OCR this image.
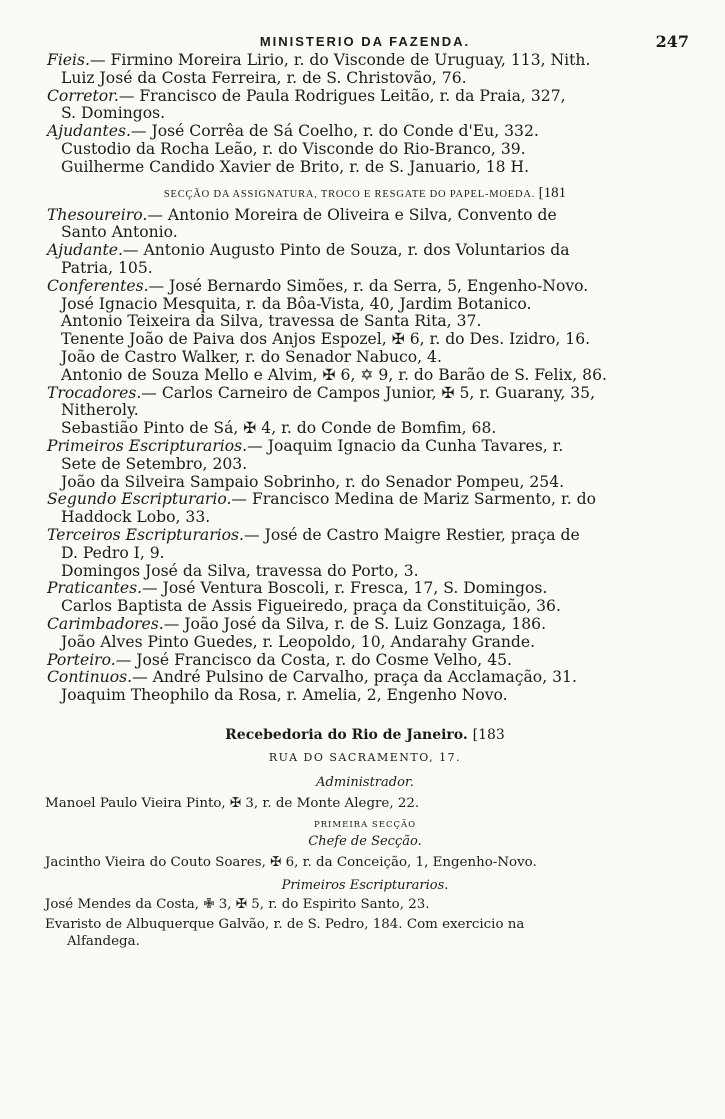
MINISTERIO DA FAZENDA.	247

Fieis.— Firmino Moreira Lirio, r. do Visconde de Uruguay, 113, Nith.

Luiz José da Costa Ferreira, r. de S. Christovão, 76.

Corretor.— Francisco de Paula Rodrigues Leitão, r. da Praia, 327,

S. Domingos.

Ajudantes.— José Corrêa de Sá Coelho, r. do Conde d'Eu, 332.

Custodio da Rocha Leão, r. do Visconde do Rio-Branco, 39.

Guilherme Candido Xavier de Brito, r. de S. Januario, 18 H.

SECÇÃO DA ASSIGNATURA, TROCO E RESGATE DO PAPEL-MOEDA. [181

Thesoureiro.— Antonio Moreira de Oliveira e Silva, Convento de

Santo Antonio.

Ajudante.— Antonio Augusto Pinto de Souza, r. dos Voluntarios da

Patria, 105.

Conferentes.— José Bernardo Simões, r. da Serra, 5, Engenho-Novo.

José Ignacio Mesquita, r. da Bôa-Vista, 40, Jardim Botanico.

Antonio Teixeira da Silva, travessa de Santa Rita, 37.

Tenente João de Paiva dos Anjos Espozel, ✠ 6, r. do Des. Izidro, 16.

João de Castro Walker, r. do Senador Nabuco, 4.

Antonio de Souza Mello e Alvim, ✠ 6, ✡ 9, r. do Barão de S. Felix, 86.

Trocadores.— Carlos Carneiro de Campos Junior, ✠ 5, r. Guarany, 35,

Nitheroly.

Sebastião Pinto de Sá, ✠ 4, r. do Conde de Bomfim, 68.

Primeiros Escripturarios.— Joaquim Ignacio da Cunha Tavares, r.

Sete de Setembro, 203.

João da Silveira Sampaio Sobrinho, r. do Senador Pompeu, 254.

Segundo Escripturario.— Francisco Medina de Mariz Sarmento, r. do

Haddock Lobo, 33.

Terceiros Escripturarios.— José de Castro Maigre Restier, praça de

D. Pedro I, 9.

Domingos José da Silva, travessa do Porto, 3.

Praticantes.— José Ventura Boscoli, r. Fresca, 17, S. Domingos.

Carlos Baptista de Assis Figueiredo, praça da Constituição, 36.

Carimbadores.— João José da Silva, r. de S. Luiz Gonzaga, 186.

João Alves Pinto Guedes, r. Leopoldo, 10, Andarahy Grande.

Porteiro.— José Francisco da Costa, r. do Cosme Velho, 45.

Continuos.— André Pulsino de Carvalho, praça da Acclamação, 31.

Joaquim Theophilo da Rosa, r. Amelia, 2, Engenho Novo.

Recebedoria do Rio de Janeiro. [183
RUA DO SACRAMENTO, 17.
Administrador.

Manoel Paulo Vieira Pinto, ✠ 3, r. de Monte Alegre, 22.

PRIMEIRA SECÇÃO
Chefe de Secção.

Jacintho Vieira do Couto Soares, ✠ 6, r. da Conceição, 1, Engenho-Novo.

Primeiros Escripturarios.

José Mendes da Costa, ✙ 3, ✠ 5, r. do Espirito Santo, 23.

Evaristo de Albuquerque Galvão, r. de S. Pedro, 184. Com exercicio na

Alfandega.
